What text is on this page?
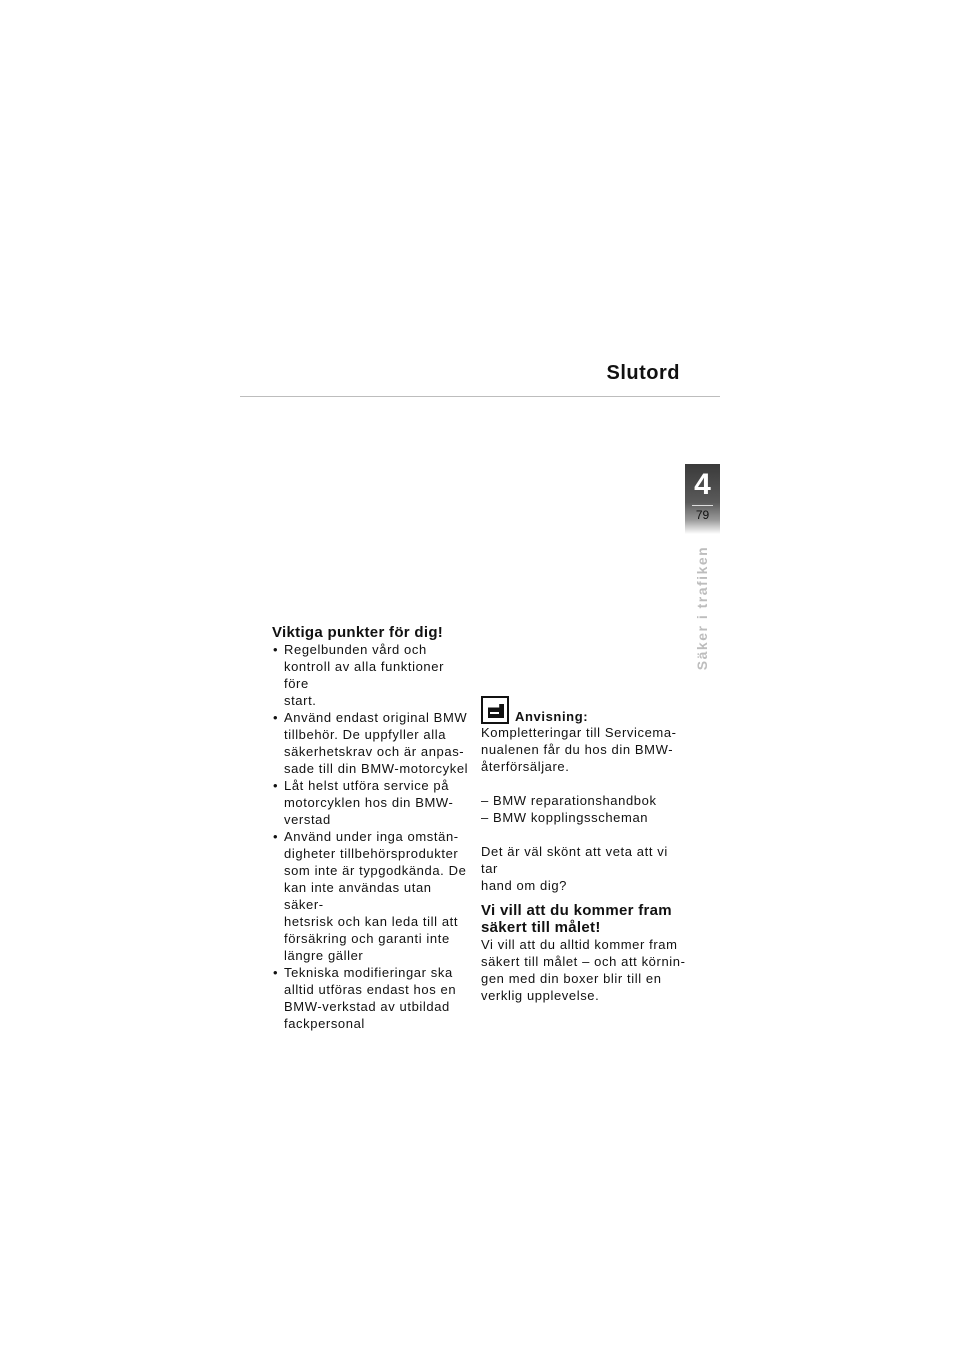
Slutord
4
79
Säker i trafiken
Viktiga punkter för dig!
• Regelbunden vård och
kontroll av alla funktioner före
start.
• Använd endast original BMW
tillbehör. De uppfyller alla
säkerhetskrav och är anpas-
sade till din BMW-motorcykel
• Låt helst utföra service på
motorcyklen hos din BMW-
verstad
• Använd under inga omstän-
digheter tillbehörsprodukter
som inte är typgodkända. De
kan inte användas utan säker-
hetsrisk och kan leda till att
försäkring och garanti inte
längre gäller
• Tekniska modifieringar ska
alltid utföras endast hos en
BMW-verkstad av utbildad
fackpersonal
Anvisning:

Kompletteringar till Servicema-
nualenen får du hos din BMW-
återförsäljare.

– BMW reparationshandbok
– BMW kopplingsscheman

Det är väl skönt att veta att vi tar
hand om dig?

Vi vill att du kommer fram
säkert till målet!

Vi vill att du alltid kommer fram
säkert till målet – och att körnin-
gen med din boxer blir till en
verklig upplevelse.
